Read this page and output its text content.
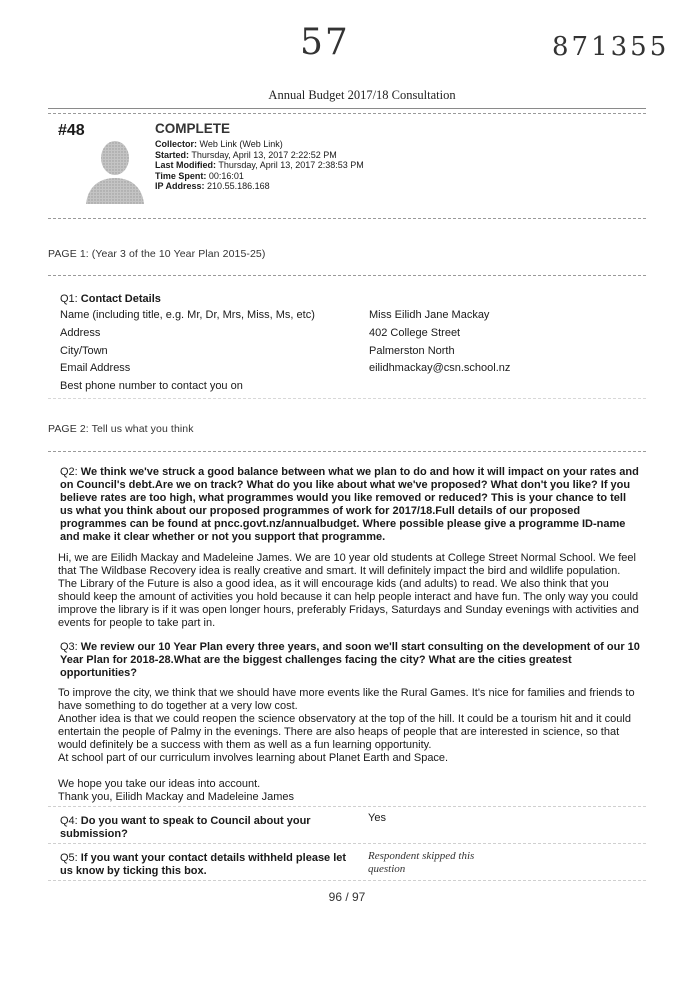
57	871355
Annual Budget 2017/18 Consultation
#48	COMPLETE
Collector: Web Link (Web Link)
Started: Thursday, April 13, 2017 2:22:52 PM
Last Modified: Thursday, April 13, 2017 2:38:53 PM
Time Spent: 00:16:01
IP Address: 210.55.186.168
PAGE 1: (Year 3 of the 10 Year Plan 2015-25)
Q1: Contact Details
Name (including title, e.g. Mr, Dr, Mrs, Miss, Ms, etc)	Miss Eilidh Jane Mackay
Address	402 College Street
City/Town	Palmerston North
Email Address	eilidhmackay@csn.school.nz
Best phone number to contact you on
PAGE 2: Tell us what you think
Q2: We think we've struck a good balance between what we plan to do and how it will impact on your rates and on Council's debt.Are we on track? What do you like about what we've proposed? What don't you like? If you believe rates are too high, what programmes would you like removed or reduced? This is your chance to tell us what you think about our proposed programmes of work for 2017/18.Full details of our proposed programmes can be found at pncc.govt.nz/annualbudget. Where possible please give a programme ID-name and make it clear whether or not you support that programme.
Hi, we are Eilidh Mackay and Madeleine James. We are 10 year old students at College Street Normal School. We feel that The Wildbase Recovery idea is really creative and smart. It will definitely impact the bird and wildlife population. The Library of the Future is also a good idea, as it will encourage kids (and adults) to read. We also think that you should keep the amount of activities you hold because it can help people interact and have fun. The only way you could improve the library is if it was open longer hours, preferably Fridays, Saturdays and Sunday evenings with activities and events for people to take part in.
Q3: We review our 10 Year Plan every three years, and soon we'll start consulting on the development of our 10 Year Plan for 2018-28.What are the biggest challenges facing the city? What are the cities greatest opportunities?

To improve the city, we think that we should have more events like the Rural Games. It's nice for families and friends to have something to do together at a very low cost.

Another idea is that we could reopen the science observatory at the top of the hill. It could be a tourism hit and it could entertain the people of Palmy in the evenings. There are also heaps of people that are interested in science, so that would definitely be a success with them as well as a fun learning opportunity.

At school part of our curriculum involves learning about Planet Earth and Space.

We hope you take our ideas into account.

Thank you, Eilidh Mackay and Madeleine James

Q4: Do you want to speak to Council about your submission?
Yes
Q5: If you want your contact details withheld please let us know by ticking this box.
Respondent skipped this question
96 / 97
